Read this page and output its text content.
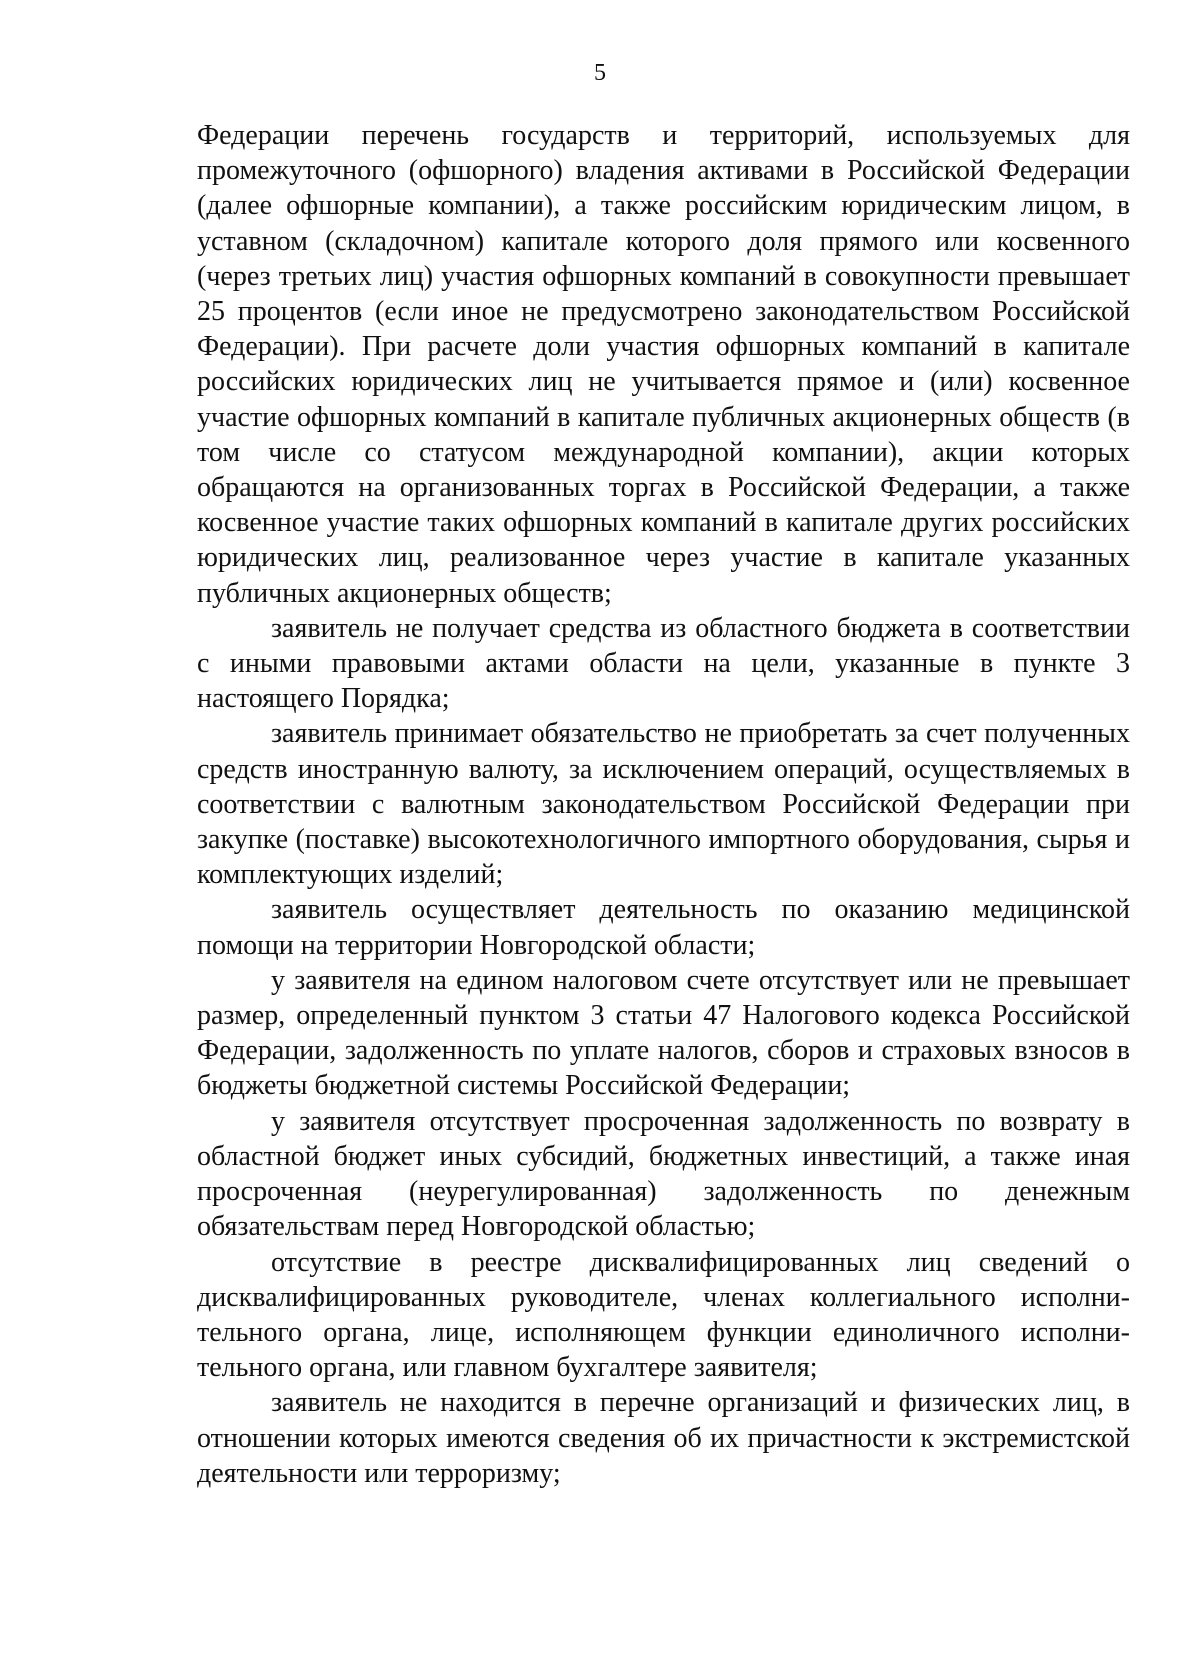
5

Федерации перечень государств и территорий, используемых для промежуточного (офшорного) владения активами в Российской Федерации (далее офшорные компании), а также российским юридическим лицом, в уставном (складочном) капитале которого доля прямого или косвенного (через третьих лиц) участия офшорных компаний в совокупности превышает 25 процентов (если иное не предусмотрено законодательством Российской Федерации). При расчете доли участия офшорных компаний в капитале российских юридических лиц не учитывается прямое и (или) косвенное участие офшорных компаний в капитале публичных акционерных обществ (в том числе со статусом международной компании), акции которых обращаются на организованных торгах в Российской Федерации, а также косвенное участие таких офшорных компаний в капитале других российских юридических лиц, реализованное через участие в капитале указанных публичных акционерных обществ;

заявитель не получает средства из областного бюджета в соответствии с иными правовыми актами области на цели, указанные в пункте 3 настоящего Порядка;

заявитель принимает обязательство не приобретать за счет полученных средств иностранную валюту, за исключением операций, осуществляемых в соответствии с валютным законодательством Российской Федерации при закупке (поставке) высокотехнологичного импортного оборудования, сырья и комплектующих изделий;

заявитель осуществляет деятельность по оказанию медицинской помощи на территории Новгородской области;

у заявителя на едином налоговом счете отсутствует или не превышает размер, определенный пунктом 3 статьи 47 Налогового кодекса Российской Федерации, задолженность по уплате налогов, сборов и страховых взносов в бюджеты бюджетной системы Российской Федерации;

у заявителя отсутствует просроченная задолженность по возврату в областной бюджет иных субсидий, бюджетных инвестиций, а также иная просроченная (неурегулированная) задолженность по денежным обязательствам перед Новгородской областью;

отсутствие в реестре дисквалифицированных лиц сведений о дисквалифицированных руководителе, членах коллегиального исполни-тельного органа, лице, исполняющем функции единоличного исполни-тельного органа, или главном бухгалтере заявителя;

заявитель не находится в перечне организаций и физических лиц, в отношении которых имеются сведения об их причастности к экстремистской деятельности или терроризму;
